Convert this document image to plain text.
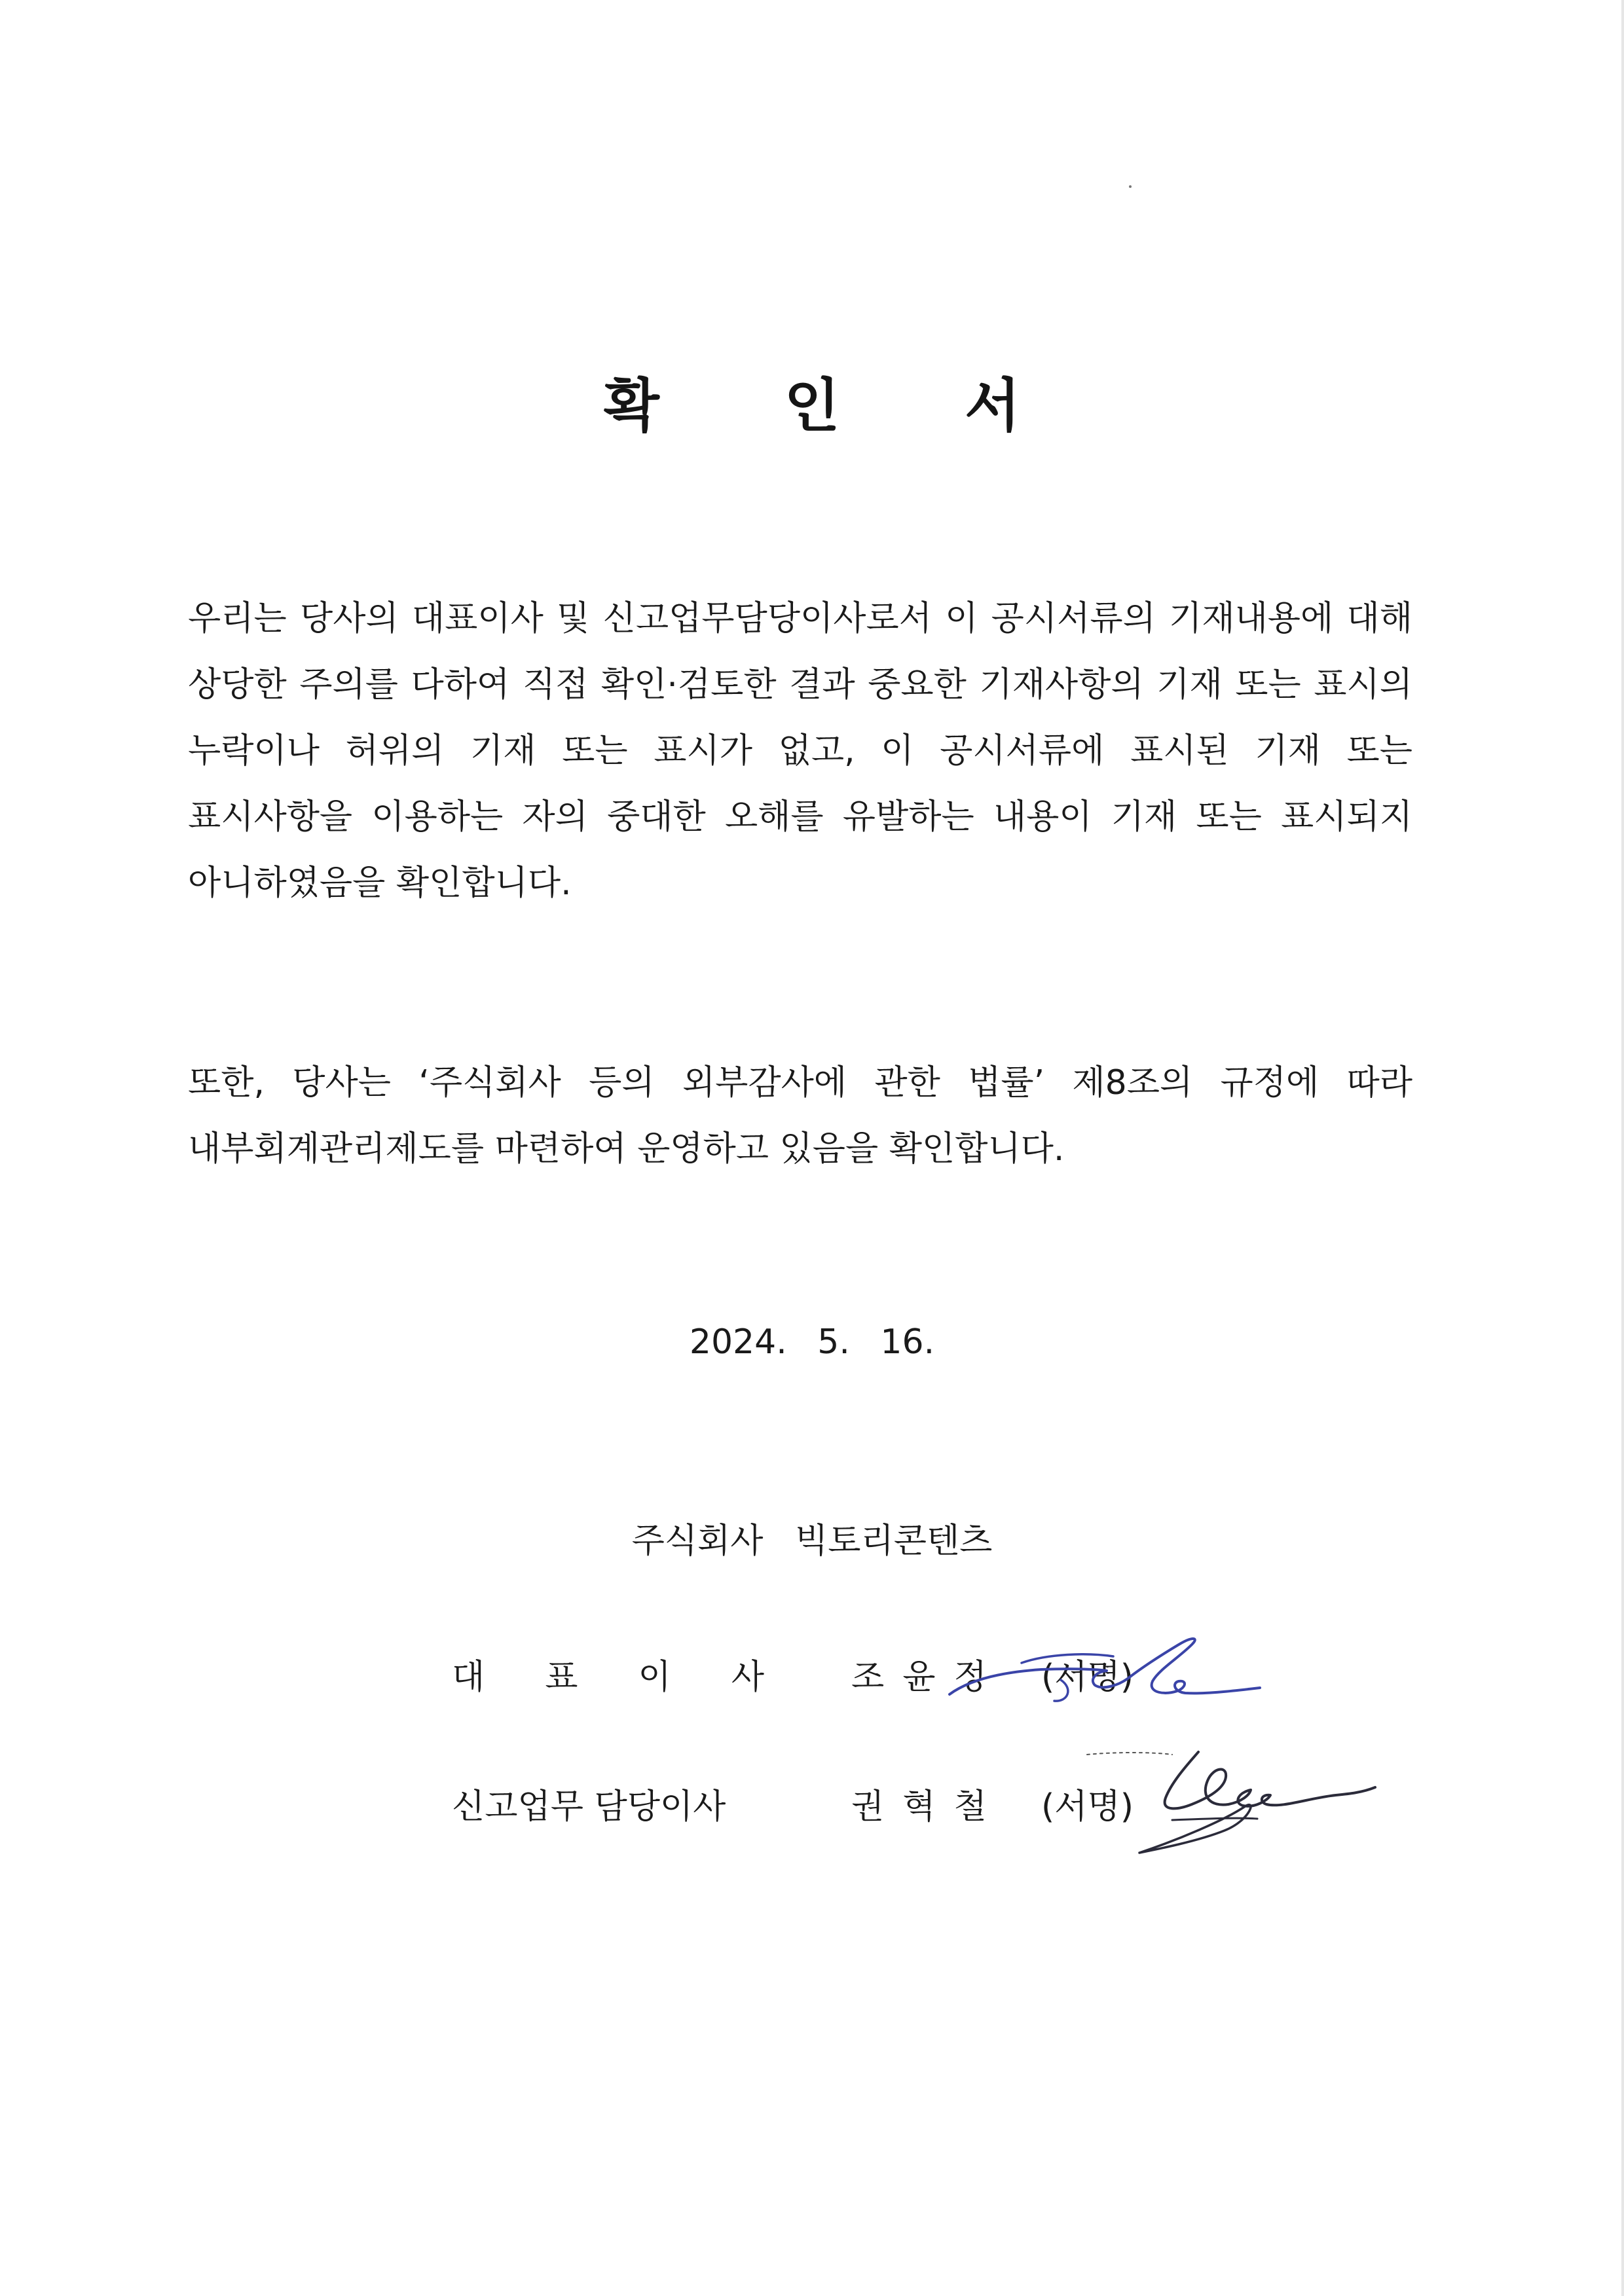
확 인 서
우리는 당사의 대표이사 및 신고업무담당이사로서 이 공시서류의 기재내용에 대해 상당한 주의를 다하여 직접 확인·검토한 결과 중요한 기재사항의 기재 또는 표시의 누락이나 허위의 기재 또는 표시가 없고, 이 공시서류에 표시된 기재 또는 표시사항을 이용하는 자의 중대한 오해를 유발하는 내용이 기재 또는 표시되지 아니하였음을 확인합니다.
또한, 당사는 ‘주식회사 등의 외부감사에 관한 법률’ 제8조의 규정에 따라 내부회계관리제도를 마련하여 운영하고 있음을 확인합니다.
2024. 5. 16.
주식회사 빅토리콘텐츠
대표이사 조윤정 (서명)
신고업무 담당이사	권혁철 (서명)
